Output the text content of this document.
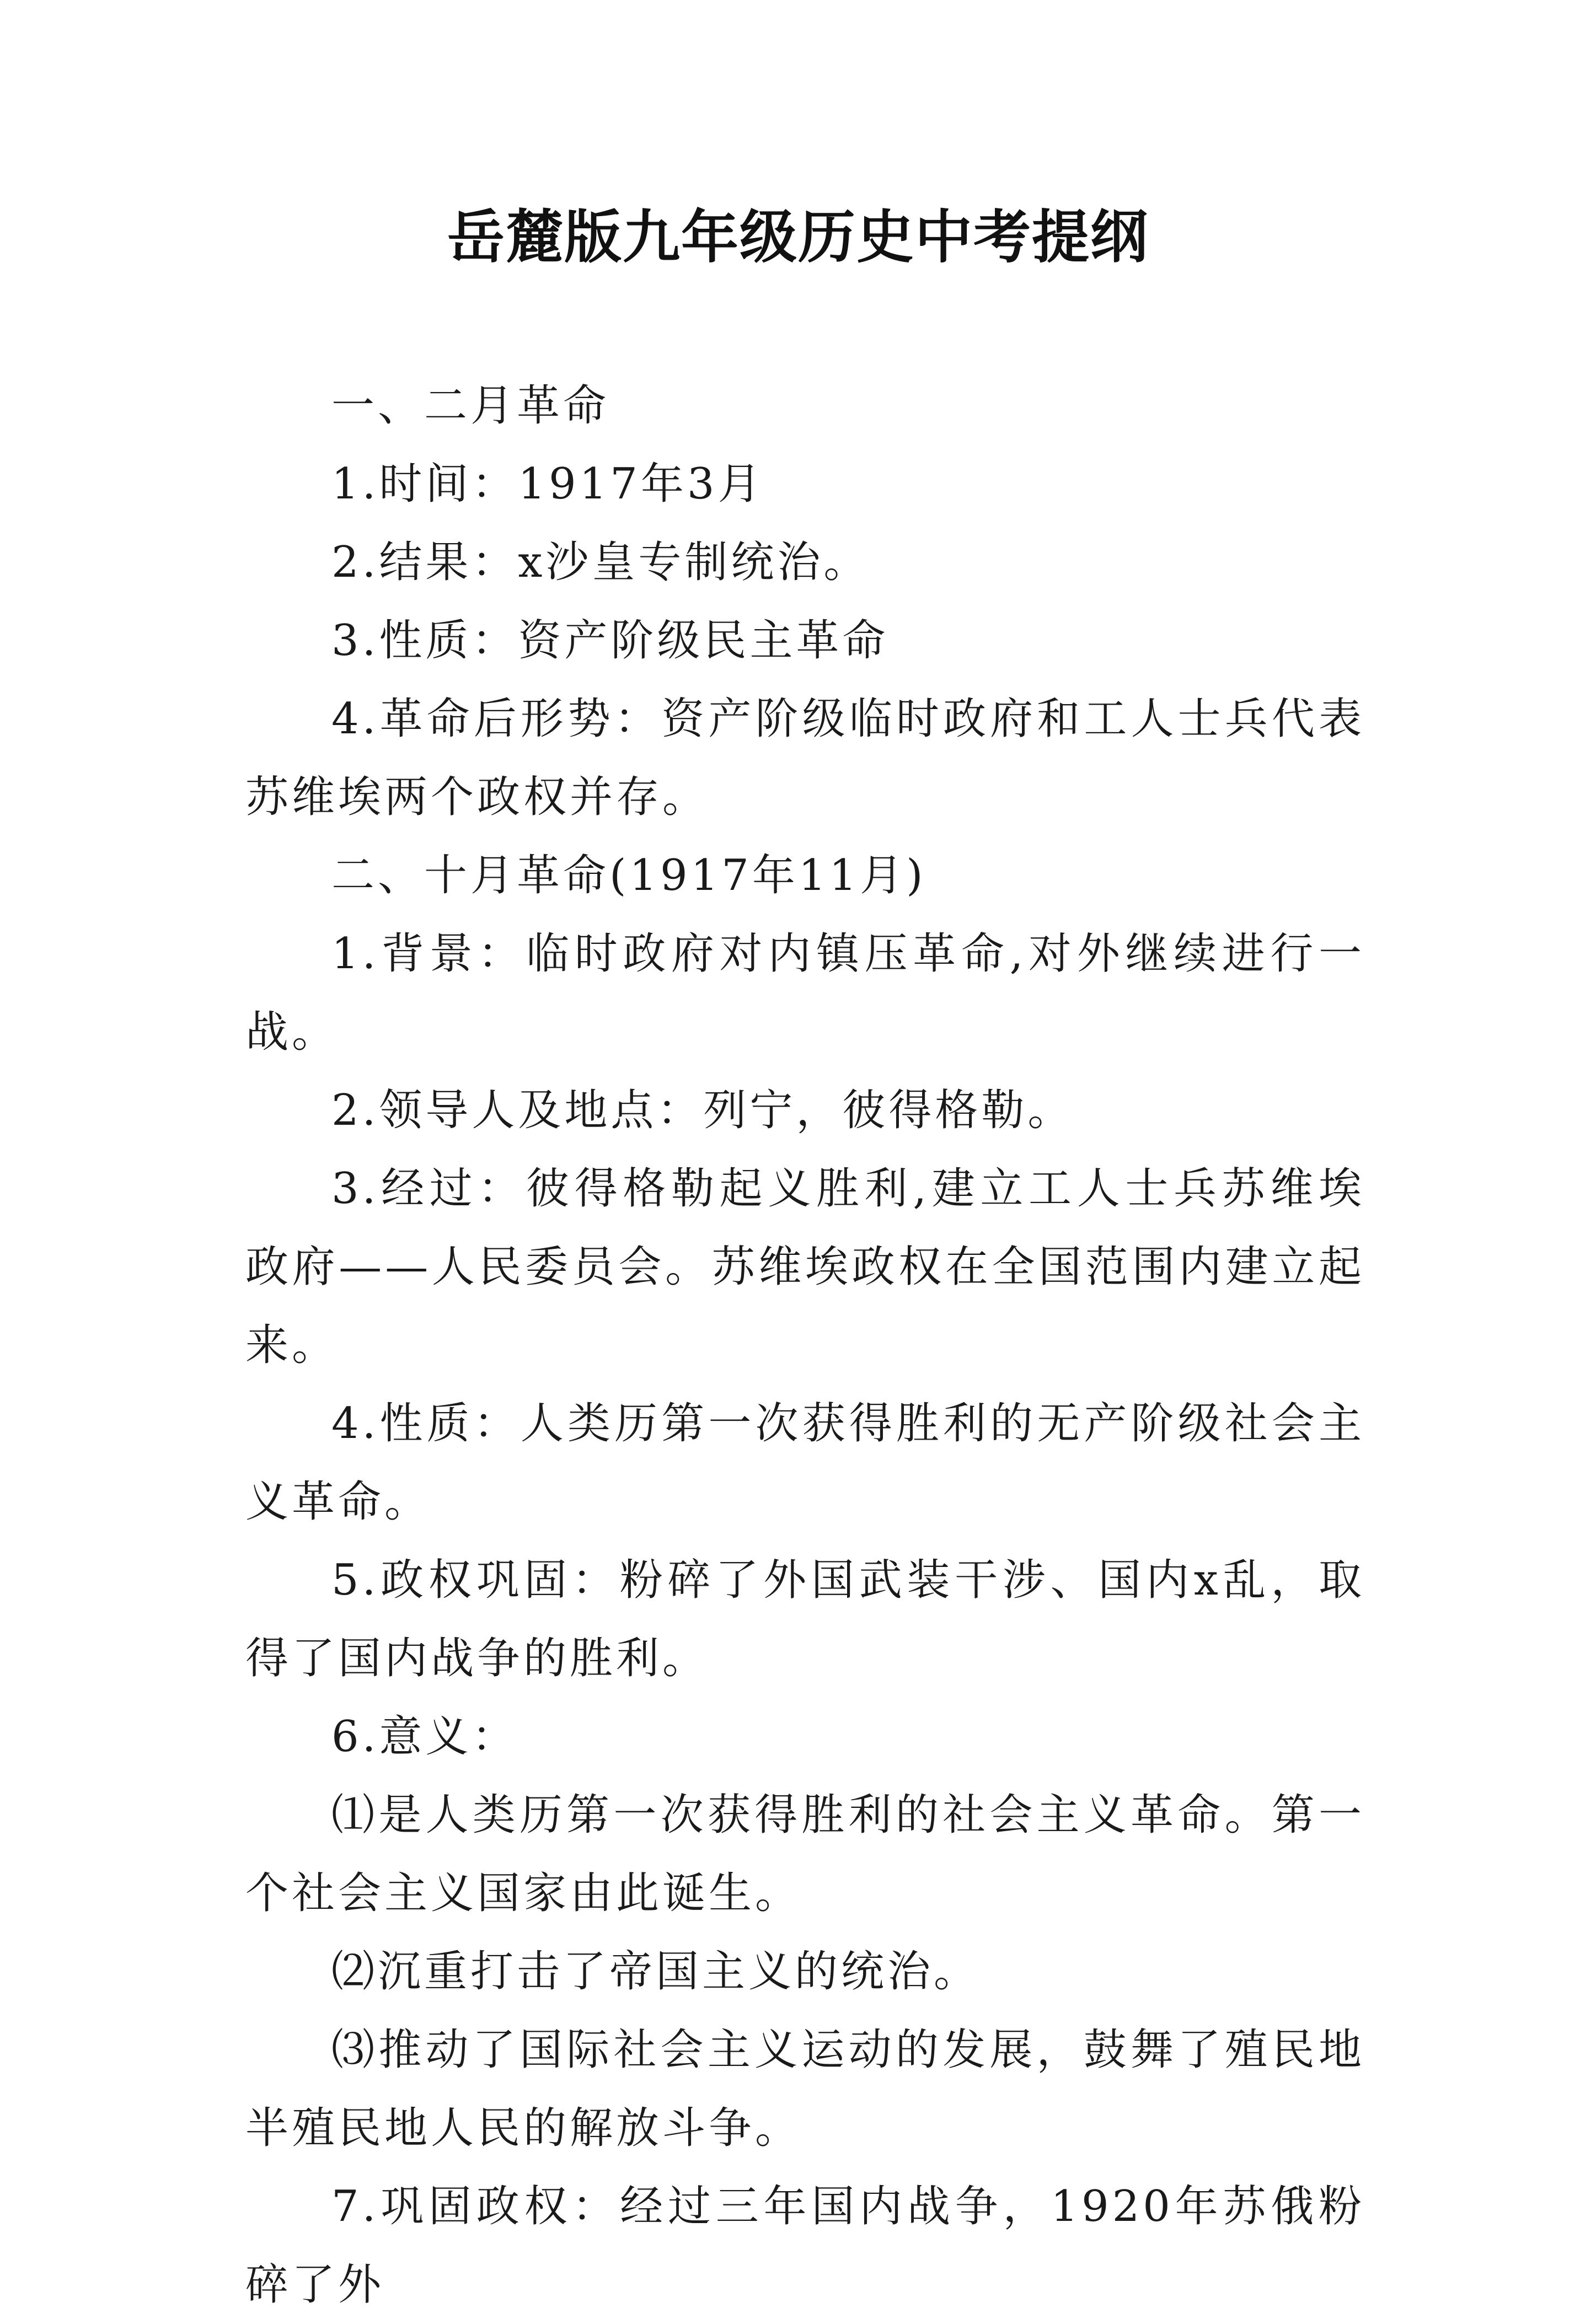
岳麓版九年级历史中考提纲

一、二月革命

1.时间：1917年3月

2.结果：x沙皇专制统治。

3.性质：资产阶级民主革命

4.革命后形势：资产阶级临时政府和工人士兵代表苏维埃两个政权并存。

二、十月革命(1917年11月)

1.背景：临时政府对内镇压革命,对外继续进行一战。

2.领导人及地点：列宁，彼得格勒。

3.经过：彼得格勒起义胜利,建立工人士兵苏维埃政府——人民委员会。苏维埃政权在全国范围内建立起来。

4.性质：人类历第一次获得胜利的无产阶级社会主义革命。

5.政权巩固：粉碎了外国武装干涉、国内x乱，取得了国内战争的胜利。

6.意义：

⑴是人类历第一次获得胜利的社会主义革命。第一个社会主义国家由此诞生。

⑵沉重打击了帝国主义的统治。

⑶推动了国际社会主义运动的发展，鼓舞了殖民地半殖民地人民的解放斗争。

7.巩固政权：经过三年国内战争，1920年苏俄粉碎了外
